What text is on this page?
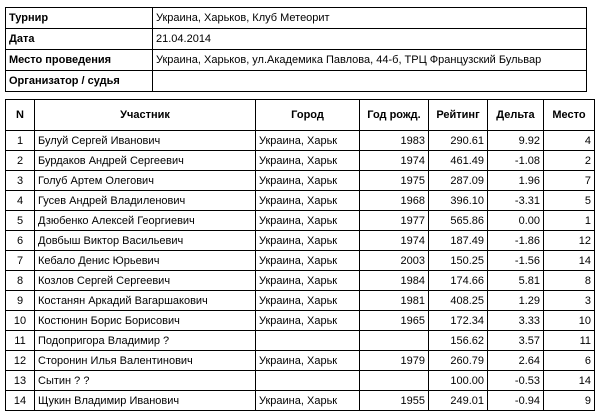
Турнир	Украина, Харьков, Клуб Метеорит
Дата	21.04.2014
Место проведения	Украина, Харьков, ул.Академика Павлова, 44-б, ТРЦ Французский Бульвар
Организатор / судья	
N	Участник	Город	Год рожд.	Рейтинг	Дельта	Место
1	Булуй Сергей Иванович	Украина, Харьк	1983	290.61	9.92	4
2	Бурдаков Андрей Сергеевич	Украина, Харьк	1974	461.49	-1.08	2
3	Голуб Артем Олегович	Украина, Харьк	1975	287.09	1.96	7
4	Гусев Андрей Владиленович	Украина, Харьк	1968	396.10	-3.31	5
5	Дзюбенко Алексей Георгиевич	Украина, Харьк	1977	565.86	0.00	1
6	Довбыш Виктор Васильевич	Украина, Харьк	1974	187.49	-1.86	12
7	Кебало Денис Юрьевич	Украина, Харьк	2003	150.25	-1.56	14
8	Козлов Сергей Сергеевич	Украина, Харьк	1984	174.66	5.81	8
9	Костанян Аркадий Вагаршакович	Украина, Харьк	1981	408.25	1.29	3
10	Костюнин Борис Борисович	Украина, Харьк	1965	172.34	3.33	10
11	Подопригора Владимир ?			156.62	3.57	11
12	Сторонин Илья Валентинович	Украина, Харьк	1979	260.79	2.64	6
13	Сытин ? ?			100.00	-0.53	14
14	Щукин Владимир Иванович	Украина, Харьк	1955	249.01	-0.94	9
